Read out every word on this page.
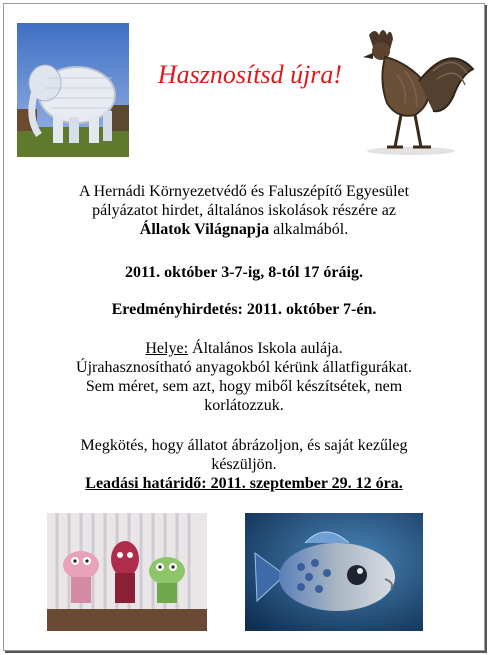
Hasznosítsd újra!
A Hernádi Környezetvédő és Faluszépítő Egyesület
pályázatot hirdet, általános iskolások részére az
Állatok Világnapja alkalmából.
2011. október 3-7-ig, 8-tól 17 óráig.
Eredményhirdetés: 2011. október 7-én.
Helye: Általános Iskola aulája.
Újrahasznosítható anyagokból kérünk állatfigurákat.
Sem méret, sem azt, hogy miből készítsétek, nem
korlátozzuk.
Megkötés, hogy állatot ábrázoljon, és saját kezűleg
készüljön.
Leadási határidő: 2011. szeptember 29. 12 óra.
